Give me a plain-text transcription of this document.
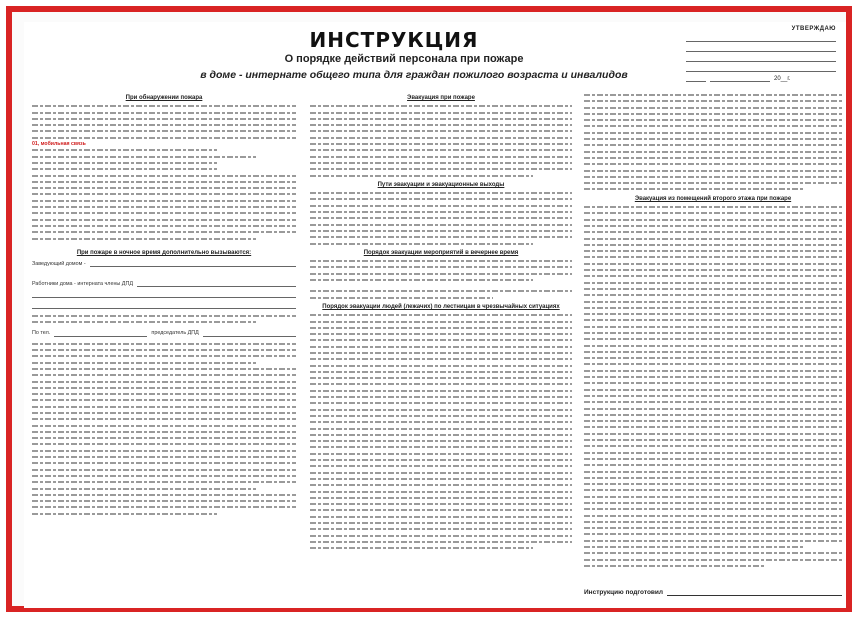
УТВЕРЖДАЮ
20__г.
ИНСТРУКЦИЯ
О порядке действий персонала при пожаре
в доме - интернате общего типа для граждан пожилого возраста и инвалидов
При обнаружении пожара
01, мобильная связь
При пожаре в ночное время дополнительно вызываются:
Заведующий домом -
Работники дома - интерната члены ДПД
По тел.	председатель ДПД
Эвакуация при пожаре
Пути эвакуации и эвакуационные выходы
Порядок эвакуации мероприятий в вечернее время
Порядок эвакуации людей (лежачих) по лестницам в чрезвычайных ситуациях
Эвакуация из помещений второго этажа при пожаре
Инструкцию подготовил
